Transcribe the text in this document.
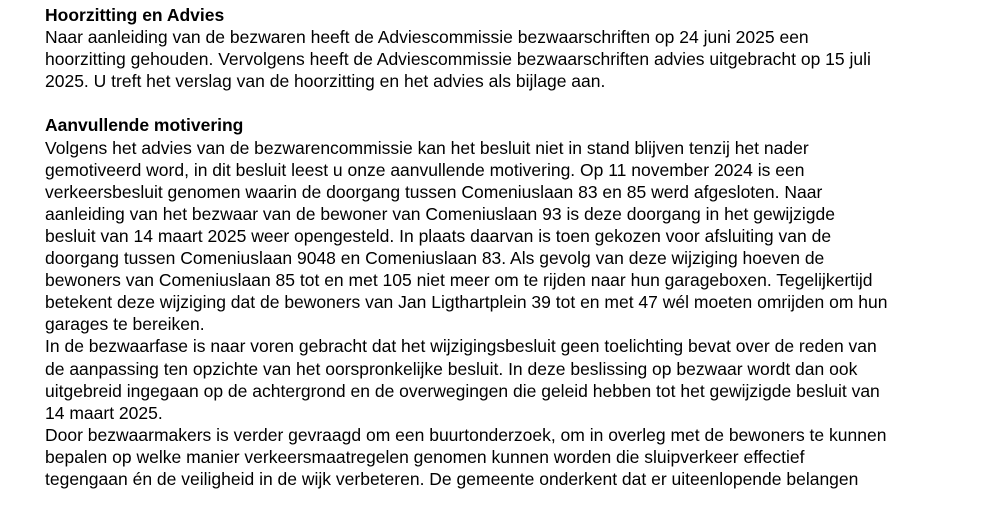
Hoorzitting en Advies
Naar aanleiding van de bezwaren heeft de Adviescommissie bezwaarschriften op 24 juni 2025 een
hoorzitting gehouden. Vervolgens heeft de Adviescommissie bezwaarschriften advies uitgebracht op 15 juli
2025. U treft het verslag van de hoorzitting en het advies als bijlage aan.
Aanvullende motivering
Volgens het advies van de bezwarencommissie kan het besluit niet in stand blijven tenzij het nader
gemotiveerd word, in dit besluit leest u onze aanvullende motivering. Op 11 november 2024 is een
verkeersbesluit genomen waarin de doorgang tussen Comeniuslaan 83 en 85 werd afgesloten. Naar
aanleiding van het bezwaar van de bewoner van Comeniuslaan 93 is deze doorgang in het gewijzigde
besluit van 14 maart 2025 weer opengesteld. In plaats daarvan is toen gekozen voor afsluiting van de
doorgang tussen Comeniuslaan 9048 en Comeniuslaan 83. Als gevolg van deze wijziging hoeven de
bewoners van Comeniuslaan 85 tot en met 105 niet meer om te rijden naar hun garageboxen. Tegelijkertijd
betekent deze wijziging dat de bewoners van Jan Ligthartplein 39 tot en met 47 wél moeten omrijden om hun
garages te bereiken.
In de bezwaarfase is naar voren gebracht dat het wijzigingsbesluit geen toelichting bevat over de reden van
de aanpassing ten opzichte van het oorspronkelijke besluit. In deze beslissing op bezwaar wordt dan ook
uitgebreid ingegaan op de achtergrond en de overwegingen die geleid hebben tot het gewijzigde besluit van
14 maart 2025.
Door bezwaarmakers is verder gevraagd om een buurtonderzoek, om in overleg met de bewoners te kunnen
bepalen op welke manier verkeersmaatregelen genomen kunnen worden die sluipverkeer effectief
tegengaan én de veiligheid in de wijk verbeteren. De gemeente onderkent dat er uiteenlopende belangen
